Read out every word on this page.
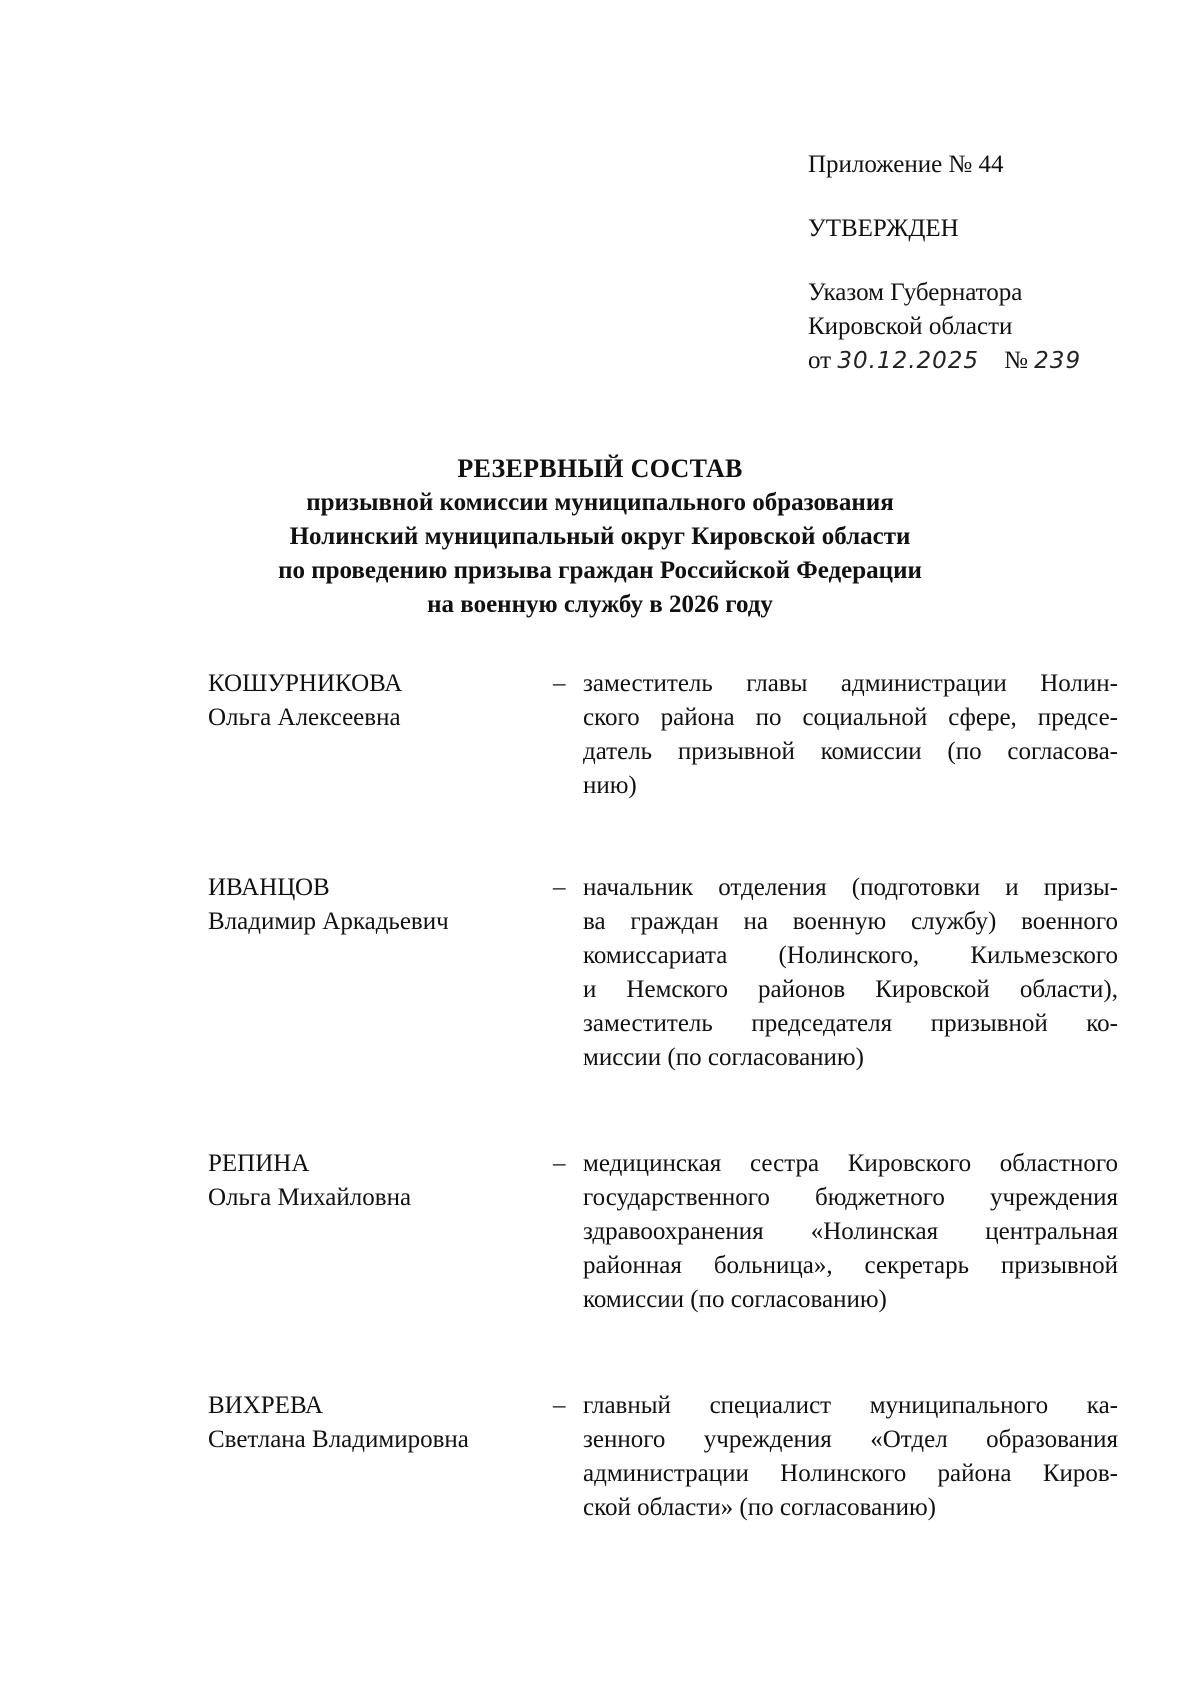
Приложение № 44
УТВЕРЖДЕН
Указом Губернатора
Кировской области
от 30.12.2025 № 239
РЕЗЕРВНЫЙ СОСТАВ
призывной комиссии муниципального образования
Нолинский муниципальный округ Кировской области
по проведению призыва граждан Российской Федерации
на военную службу в 2026 году
КОШУРНИКОВА
Ольга Алексеевна
– заместитель главы администрации Нолин-
ского района по социальной сфере, предсе-
датель призывной комиссии (по согласова-
нию)
ИВАНЦОВ
Владимир Аркадьевич
– начальник отделения (подготовки и призы-
ва граждан на военную службу) военного
комиссариата (Нолинского, Кильмезского
и Немского районов Кировской области),
заместитель председателя призывной ко-
миссии (по согласованию)
РЕПИНА
Ольга Михайловна
– медицинская сестра Кировского областного
государственного бюджетного учреждения
здравоохранения «Нолинская центральная
районная больница», секретарь призывной
комиссии (по согласованию)
ВИХРЕВА
Светлана Владимировна
– главный специалист муниципального ка-
зенного учреждения «Отдел образования
администрации Нолинского района Киров-
ской области» (по согласованию)
